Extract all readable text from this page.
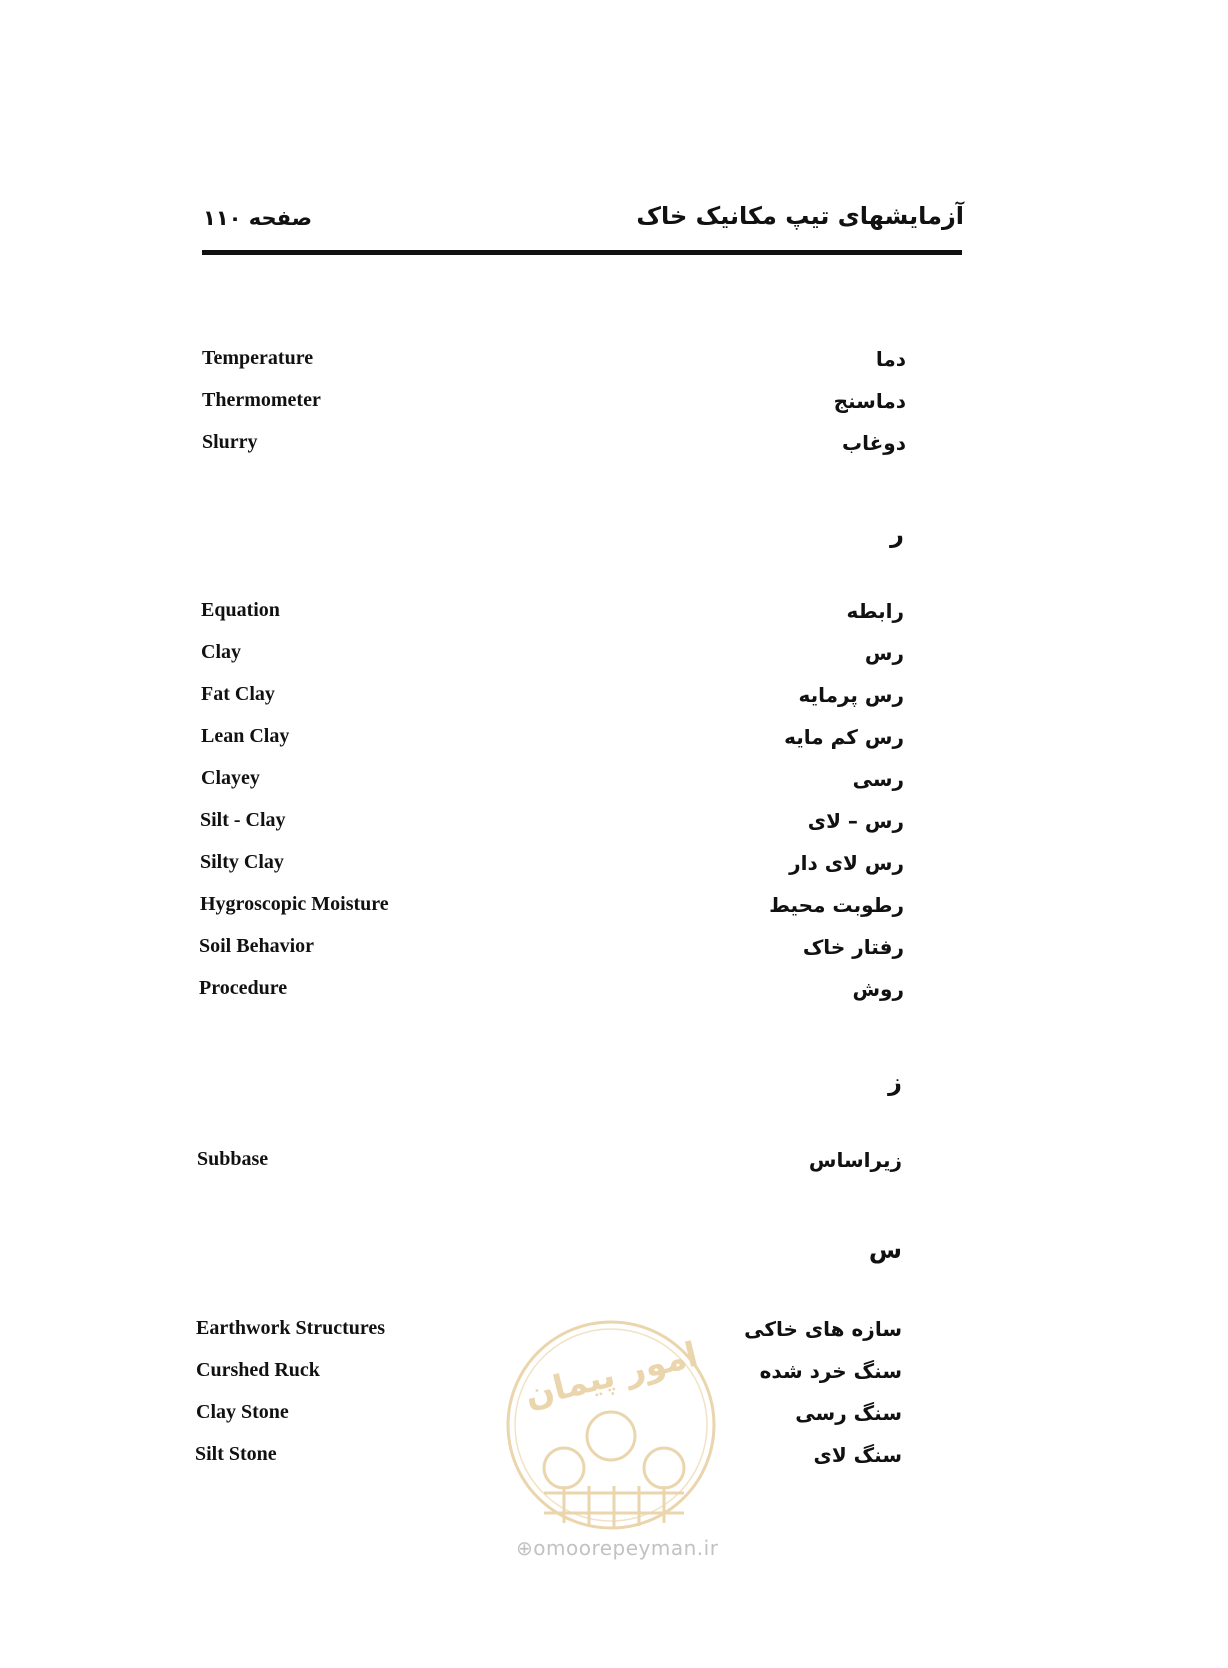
آزمایشهای تیپ مکانیک خاک
صفحه ۱۱۰
Temperature	دما
Thermometer	دماسنج
Slurry	دوغاب
ر
Equation	رابطه
Clay	رس
Fat Clay	رس پرمایه
Lean Clay	رس کم مایه
Clayey	رسی
Silt - Clay	رس – لای
Silty Clay	رس لای دار
Hygroscopic Moisture	رطوبت محیط
Soil Behavior	رفتار خاک
Procedure	روش
ز
Subbase	زیراساس
س
Earthwork Structures	سازه های خاکی
Curshed Ruck	سنگ خرد شده
Clay Stone	سنگ رسی
Silt Stone	سنگ لای
امور پیمان
⊕omoorepeyman.ir
